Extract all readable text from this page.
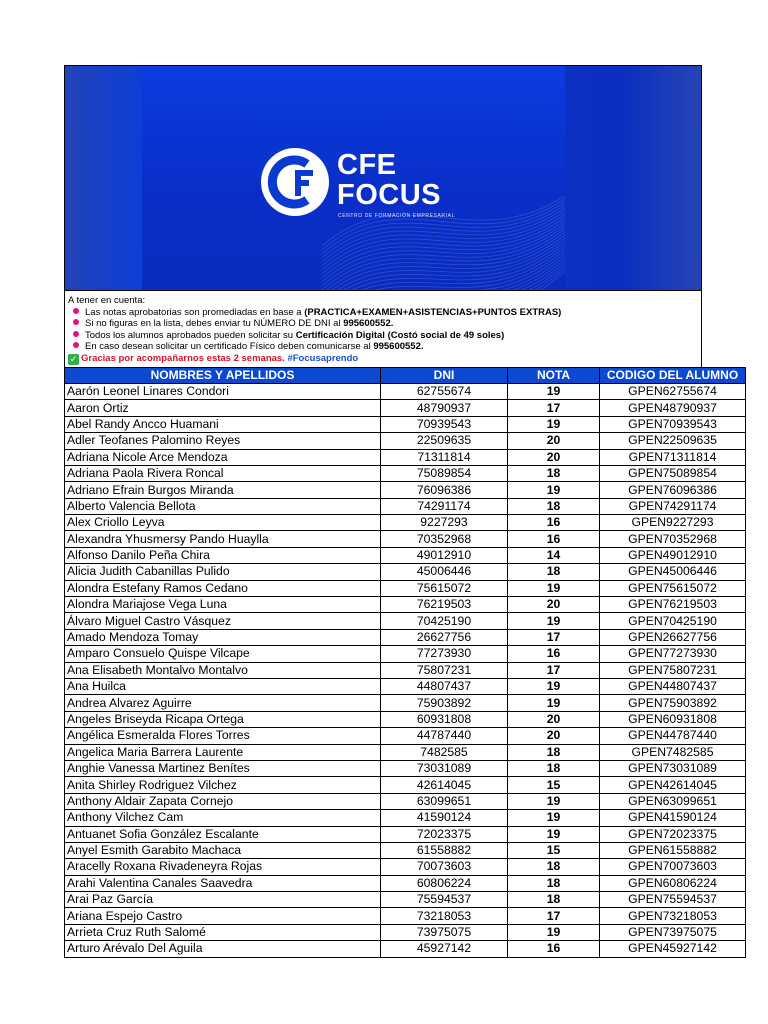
CFE
FOCUS
CENTRO DE FORMACIÓN EMPRESARIAL
A tener en cuenta:
Las notas aprobatorias son promediadas en base a (PRACTICA+EXAMEN+ASISTENCIAS+PUNTOS EXTRAS)
Si no figuras en la lista, debes enviar tu NÚMERO DE DNI al 995600552.
Todos los alumnos aprobados pueden solicitar su Certificación Digital (Costó social de 49 soles)
En caso desean solicitar un certificado Físico deben comunicarse al 995600552.
✓ Gracias por acompañarnos estas 2 semanas. #Focusaprendo
NOMBRES Y APELLIDOS	DNI	NOTA	CODIGO DEL ALUMNO
Aarón Leonel Linares Condori	62755674	19	GPEN62755674
Aaron Ortiz	48790937	17	GPEN48790937
Abel Randy Ancco Huamani	70939543	19	GPEN70939543
Adler Teofanes Palomino Reyes	22509635	20	GPEN22509635
Adriana Nicole Arce Mendoza	71311814	20	GPEN71311814
Adriana Paola Rivera Roncal	75089854	18	GPEN75089854
Adriano Efrain Burgos Miranda	76096386	19	GPEN76096386
Alberto Valencia Bellota	74291174	18	GPEN74291174
Alex Criollo Leyva	9227293	16	GPEN9227293
Alexandra Yhusmersy Pando Huaylla	70352968	16	GPEN70352968
Alfonso Danilo Peña Chira	49012910	14	GPEN49012910
Alicia Judith Cabanillas Pulido	45006446	18	GPEN45006446
Alondra Estefany Ramos Cedano	75615072	19	GPEN75615072
Alondra Mariajose Vega Luna	76219503	20	GPEN76219503
Álvaro Miguel Castro Vásquez	70425190	19	GPEN70425190
Amado Mendoza Tomay	26627756	17	GPEN26627756
Amparo Consuelo Quispe Vilcape	77273930	16	GPEN77273930
Ana Elisabeth Montalvo Montalvo	75807231	17	GPEN75807231
Ana Huilca	44807437	19	GPEN44807437
Andrea Alvarez Aguirre	75903892	19	GPEN75903892
Angeles Briseyda Ricapa Ortega	60931808	20	GPEN60931808
Angélica Esmeralda Flores Torres	44787440	20	GPEN44787440
Angelica Maria Barrera Laurente	7482585	18	GPEN7482585
Anghie Vanessa Martinez Benítes	73031089	18	GPEN73031089
Anita Shirley Rodriguez Vilchez	42614045	15	GPEN42614045
Anthony Aldair Zapata Cornejo	63099651	19	GPEN63099651
Anthony Vilchez Cam	41590124	19	GPEN41590124
Antuanet Sofia González Escalante	72023375	19	GPEN72023375
Anyel Esmith Garabito Machaca	61558882	15	GPEN61558882
Aracelly Roxana Rivadeneyra Rojas	70073603	18	GPEN70073603
Arahi Valentina Canales Saavedra	60806224	18	GPEN60806224
Arai Paz García	75594537	18	GPEN75594537
Ariana Espejo Castro	73218053	17	GPEN73218053
Arrieta Cruz Ruth Salomé	73975075	19	GPEN73975075
Arturo Arévalo Del Aguila	45927142	16	GPEN45927142
